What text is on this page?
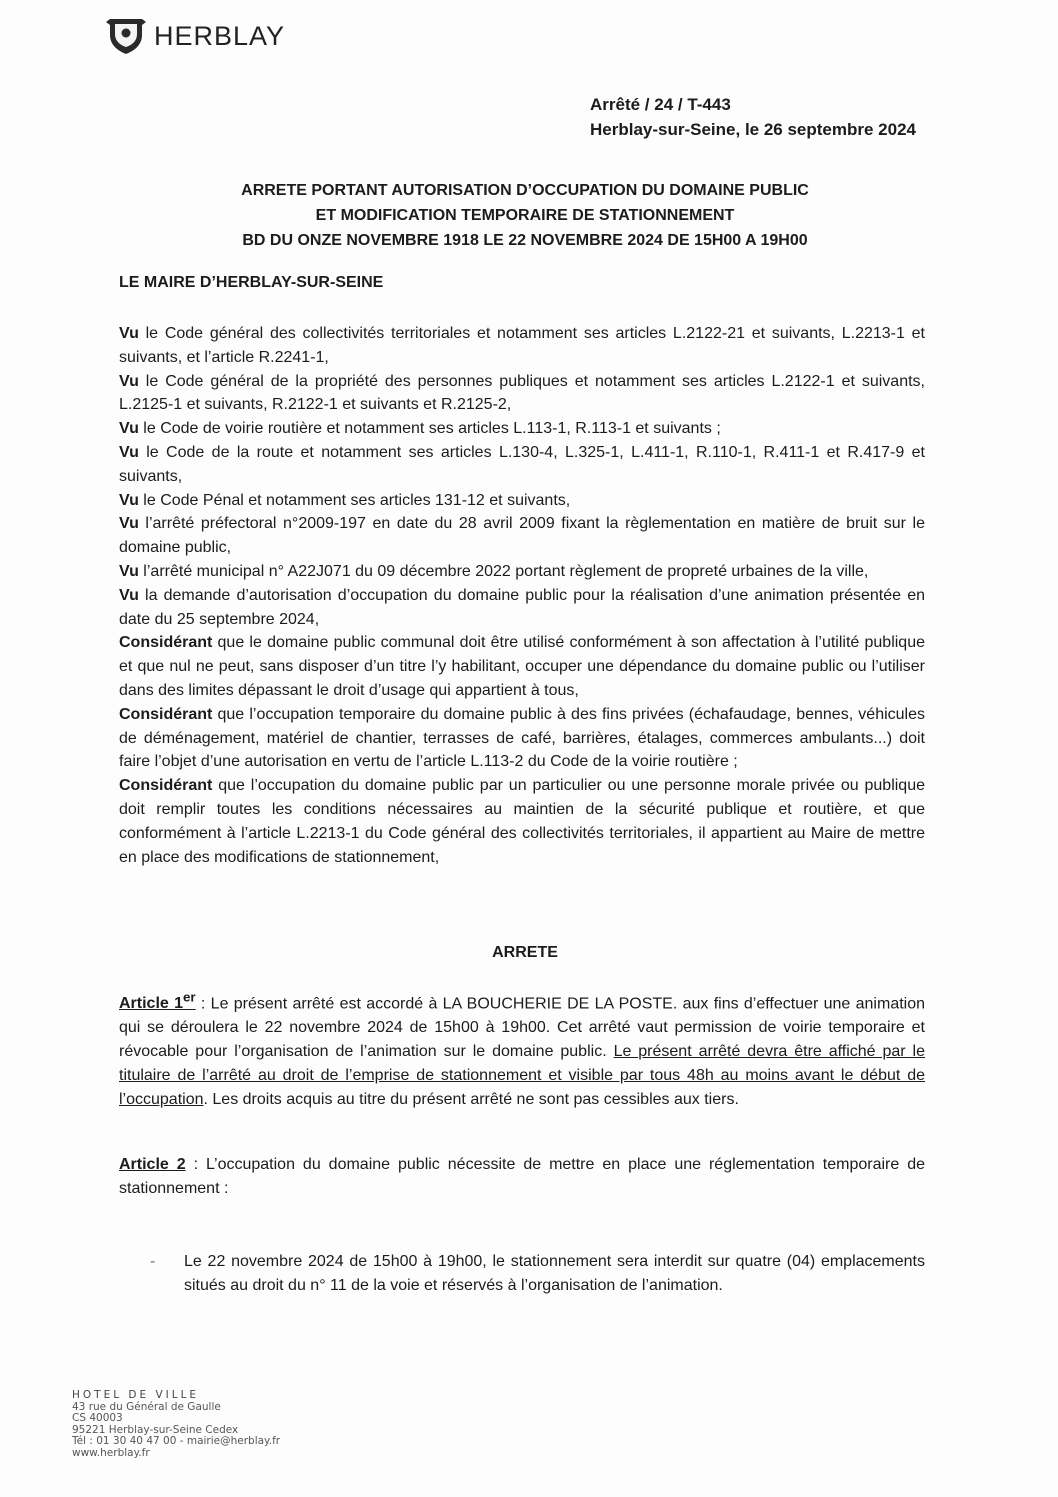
HERBLAY
Arrêté / 24 / T-443
Herblay-sur-Seine, le 26 septembre 2024
ARRETE PORTANT AUTORISATION D’OCCUPATION DU DOMAINE PUBLIC
ET MODIFICATION TEMPORAIRE DE STATIONNEMENT
BD DU ONZE NOVEMBRE 1918 LE 22 NOVEMBRE 2024 DE 15H00 A 19H00
LE MAIRE D’HERBLAY-SUR-SEINE

Vu le Code général des collectivités territoriales et notamment ses articles L.2122-21 et suivants, L.2213-1 et suivants, et l’article R.2241-1,

Vu le Code général de la propriété des personnes publiques et notamment ses articles L.2122-1 et suivants, L.2125-1 et suivants, R.2122-1 et suivants et R.2125-2,

Vu le Code de voirie routière et notamment ses articles L.113-1, R.113-1 et suivants ;

Vu le Code de la route et notamment ses articles L.130-4, L.325-1, L.411-1, R.110-1, R.411-1 et R.417-9 et suivants,

Vu le Code Pénal et notamment ses articles 131-12 et suivants,

Vu l’arrêté préfectoral n°2009-197 en date du 28 avril 2009 fixant la règlementation en matière de bruit sur le domaine public,

Vu l’arrêté municipal n° A22J071 du 09 décembre 2022 portant règlement de propreté urbaines de la ville,

Vu la demande d’autorisation d’occupation du domaine public pour la réalisation d’une animation présentée en date du 25 septembre 2024,

Considérant que le domaine public communal doit être utilisé conformément à son affectation à l’utilité publique et que nul ne peut, sans disposer d’un titre l’y habilitant, occuper une dépendance du domaine public ou l’utiliser dans des limites dépassant le droit d’usage qui appartient à tous,

Considérant que l’occupation temporaire du domaine public à des fins privées (échafaudage, bennes, véhicules de déménagement, matériel de chantier, terrasses de café, barrières, étalages, commerces ambulants...) doit faire l’objet d’une autorisation en vertu de l’article L.113-2 du Code de la voirie routière ;

Considérant que l’occupation du domaine public par un particulier ou une personne morale privée ou publique doit remplir toutes les conditions nécessaires au maintien de la sécurité publique et routière, et que conformément à l’article L.2213-1 du Code général des collectivités territoriales, il appartient au Maire de mettre en place des modifications de stationnement,

ARRETE

Article 1er : Le présent arrêté est accordé à LA BOUCHERIE DE LA POSTE. aux fins d’effectuer une animation qui se déroulera le 22 novembre 2024 de 15h00 à 19h00. Cet arrêté vaut permission de voirie temporaire et révocable pour l’organisation de l’animation sur le domaine public. Le présent arrêté devra être affiché par le titulaire de l’arrêté au droit de l’emprise de stationnement et visible par tous 48h au moins avant le début de l’occupation. Les droits acquis au titre du présent arrêté ne sont pas cessibles aux tiers.

Article 2 : L’occupation du domaine public nécessite de mettre en place une réglementation temporaire de stationnement :

-	Le 22 novembre 2024 de 15h00 à 19h00, le stationnement sera interdit sur quatre (04) emplacements situés au droit du n° 11 de la voie et réservés à l’organisation de l’animation.

HOTEL DE VILLE
43 rue du Général de Gaulle
CS 40003
95221 Herblay-sur-Seine Cedex
Tél : 01 30 40 47 00 - mairie@herblay.fr
www.herblay.fr
